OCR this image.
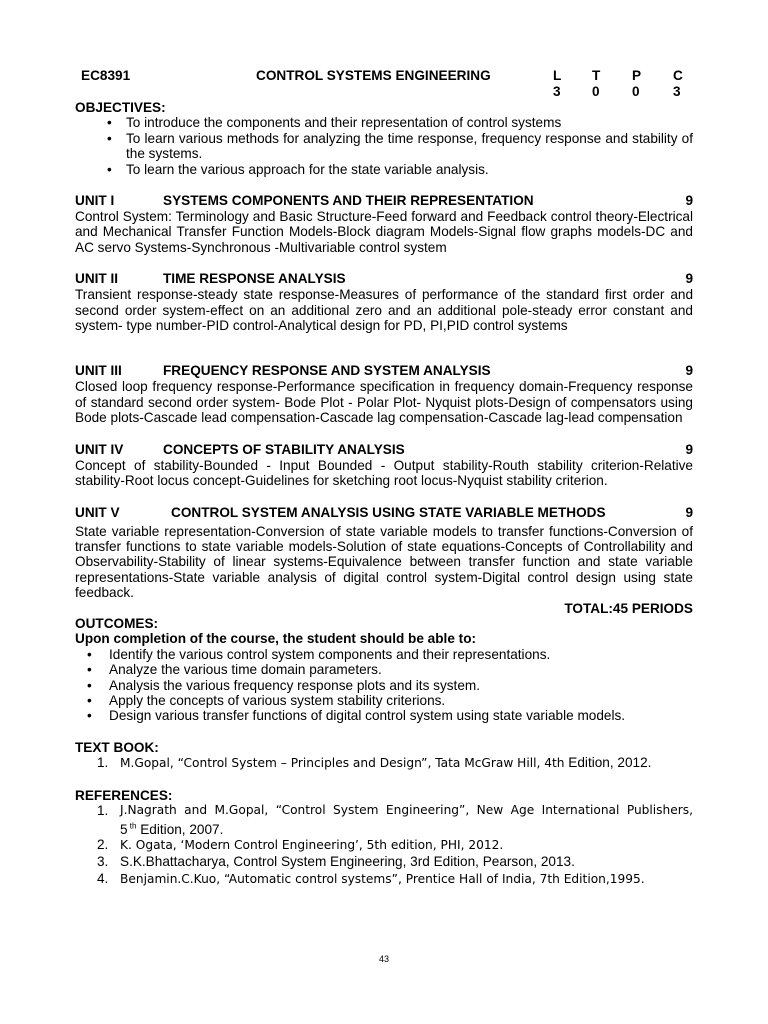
EC8391	CONTROL SYSTEMS ENGINEERING	L T P C
3 0 0 3
OBJECTIVES:
• To introduce the components and their representation of control systems
• To learn various methods for analyzing the time response, frequency response and stability of the systems.
• To learn the various approach for the state variable analysis.
UNIT I	SYSTEMS COMPONENTS AND THEIR REPRESENTATION	9
Control System: Terminology and Basic Structure-Feed forward and Feedback control theory-Electrical and Mechanical Transfer Function Models-Block diagram Models-Signal flow graphs models-DC and AC servo Systems-Synchronous -Multivariable control system
UNIT II	TIME RESPONSE ANALYSIS	9
Transient response-steady state response-Measures of performance of the standard first order and second order system-effect on an additional zero and an additional pole-steady error constant and system- type number-PID control-Analytical design for PD, PI,PID control systems
UNIT III	FREQUENCY RESPONSE AND SYSTEM ANALYSIS	9
Closed loop frequency response-Performance specification in frequency domain-Frequency response of standard second order system- Bode Plot - Polar Plot- Nyquist plots-Design of compensators using Bode plots-Cascade lead compensation-Cascade lag compensation-Cascade lag-lead compensation
UNIT IV	CONCEPTS OF STABILITY ANALYSIS	9
Concept of stability-Bounded - Input Bounded - Output stability-Routh stability criterion-Relative stability-Root locus concept-Guidelines for sketching root locus-Nyquist stability criterion.
UNIT V	CONTROL SYSTEM ANALYSIS USING STATE VARIABLE METHODS	9
State variable representation-Conversion of state variable models to transfer functions-Conversion of transfer functions to state variable models-Solution of state equations-Concepts of Controllability and Observability-Stability of linear systems-Equivalence between transfer function and state variable representations-State variable analysis of digital control system-Digital control design using state feedback.
TOTAL:45 PERIODS
OUTCOMES:
Upon completion of the course, the student should be able to:
• Identify the various control system components and their representations.
• Analyze the various time domain parameters.
• Analysis the various frequency response plots and its system.
• Apply the concepts of various system stability criterions.
• Design various transfer functions of digital control system using state variable models.
TEXT BOOK:
1. M.Gopal, “Control System – Principles and Design”, Tata McGraw Hill, 4th Edition, 2012.
REFERENCES:
1. J.Nagrath and M.Gopal, “Control System Engineering”, New Age International Publishers,
5 $^{th}$ Edition, 2007.
2. K. Ogata, ‘Modern Control Engineering’, 5th edition, PHI, 2012.
3. S.K.Bhattacharya, Control System Engineering, 3rd Edition, Pearson, 2013.
4. Benjamin.C.Kuo, “Automatic control systems”, Prentice Hall of India, 7th Edition,1995.
43
